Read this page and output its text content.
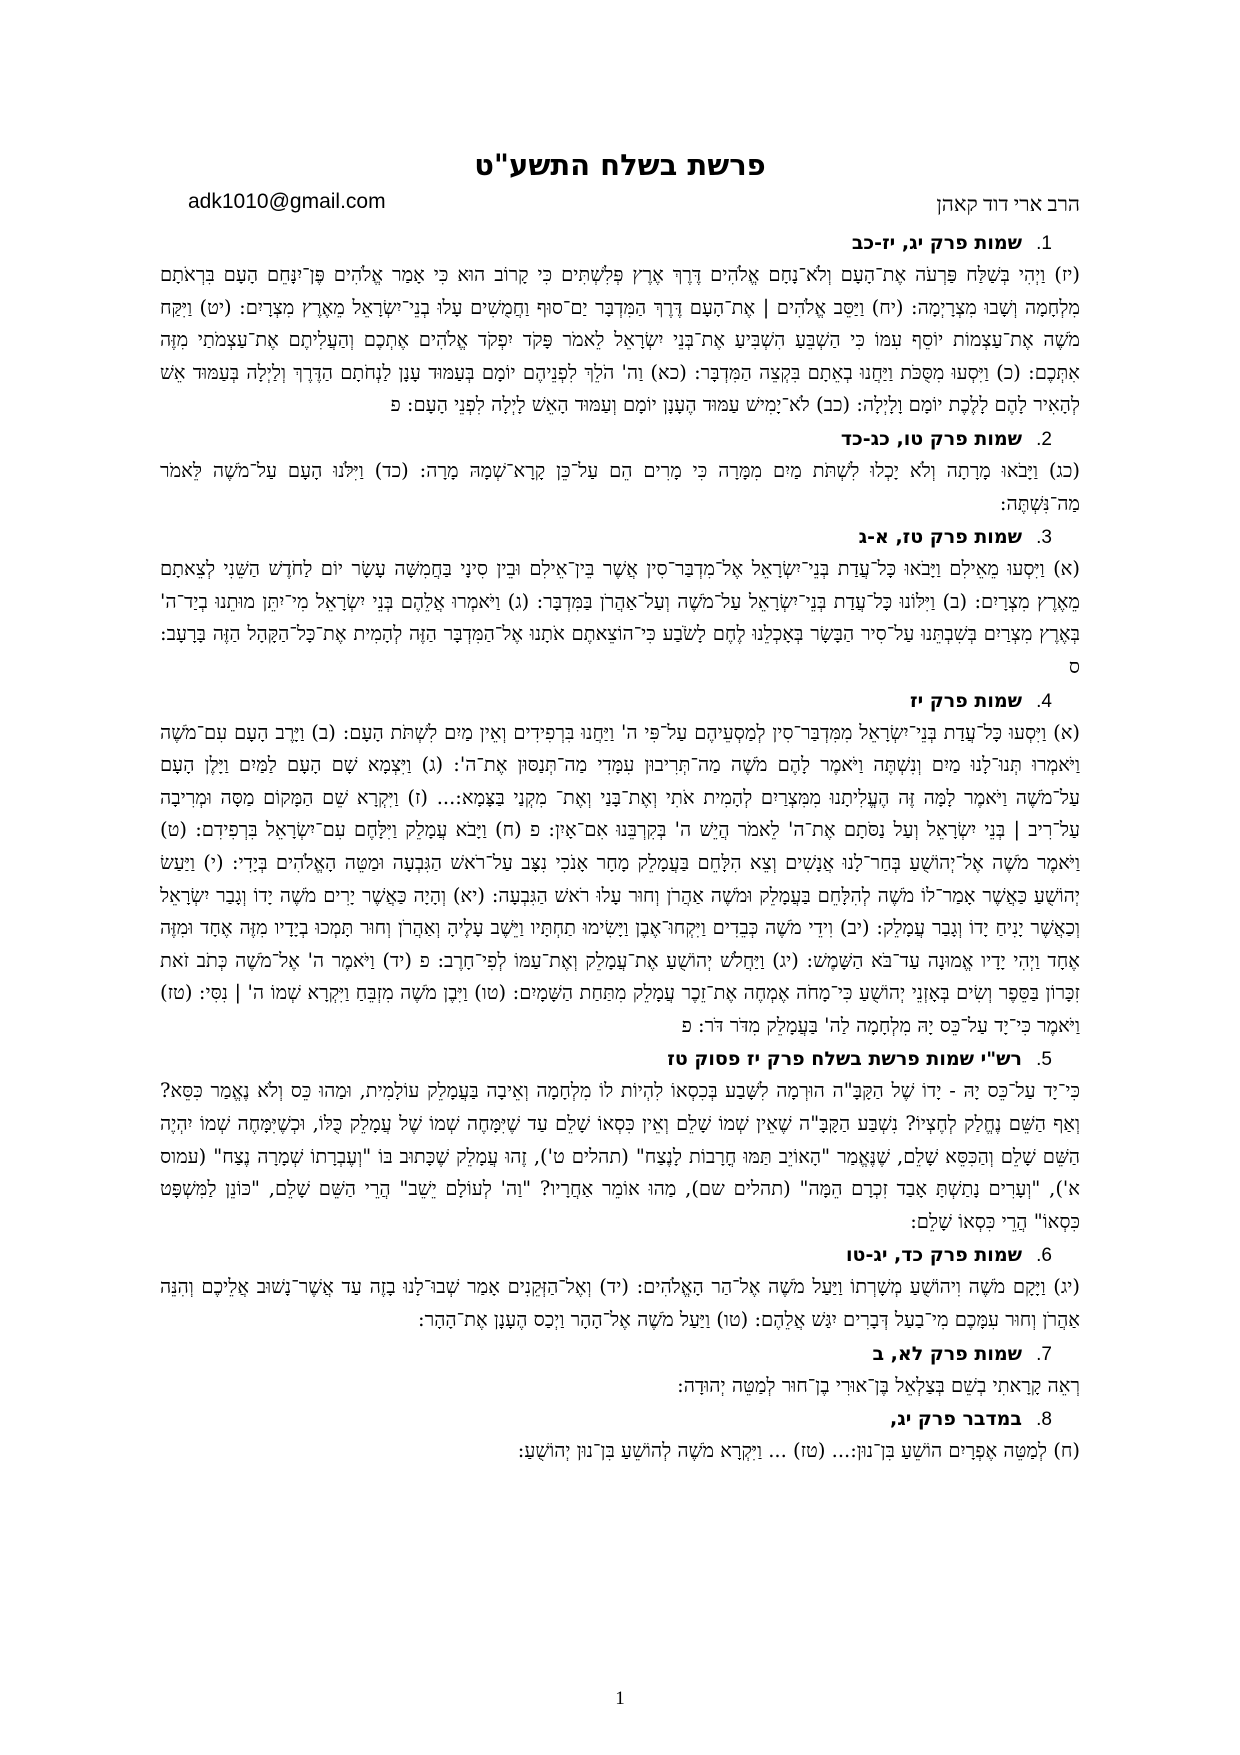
פרשת בשלח התשע"ט
הרב ארי דוד קאהן
adk1010@gmail.com
1.שמות פרק יג, יז-כב

(יז) וַיְהִי בְּשַׁלַּח פַּרְעֹה אֶת־הָעָם וְלֹא־נָחָם אֱלֹהִים דֶּרֶךְ אֶרֶץ פְּלִשְׁתִּים כִּי קָרוֹב הוּא כִּי אָמַר אֱלֹהִים פֶּן־יִנָּחֵם הָעָם בִּרְאֹתָם מִלְחָמָה וְשָׁבוּ מִצְרָיְמָה: (יח) וַיַּסֵּב אֱלֹהִים | אֶת־הָעָם דֶּרֶךְ הַמִּדְבָּר יַם־סוּף וַחֲמֻשִׁים עָלוּ בְנֵי־יִשְׂרָאֵל מֵאֶרֶץ מִצְרָיִם: (יט) וַיִּקַּח מֹשֶׁה אֶת־עַצְמוֹת יוֹסֵף עִמּוֹ כִּי הַשְׁבֵּעַ הִשְׁבִּיעַ אֶת־בְּנֵי יִשְׂרָאֵל לֵאמֹר פָּקֹד יִפְקֹד אֱלֹהִים אֶתְכֶם וְהַעֲלִיתֶם אֶת־עַצְמֹתַי מִזֶּה אִתְּכֶם: (כ) וַיִּסְעוּ מִסֻּכֹּת וַיַּחֲנוּ בְאֵתָם בִּקְצֵה הַמִּדְבָּר: (כא) וַה' הֹלֵךְ לִפְנֵיהֶם יוֹמָם בְּעַמּוּד עָנָן לַנְחֹתָם הַדֶּרֶךְ וְלַיְלָה בְּעַמּוּד אֵשׁ לְהָאִיר לָהֶם לָלֶכֶת יוֹמָם וָלָיְלָה: (כב) לֹא־יָמִישׁ עַמּוּד הֶעָנָן יוֹמָם וְעַמּוּד הָאֵשׁ לָיְלָה לִפְנֵי הָעָם: פ

2.שמות פרק טו, כג-כד

(כג) וַיָּבֹאוּ מָרָתָה וְלֹא יָכְלוּ לִשְׁתֹּת מַיִם מִמָּרָה כִּי מָרִים הֵם עַל־כֵּן קָרָא־שְׁמָהּ מָרָה: (כד) וַיִּלֹּנוּ הָעָם עַל־מֹשֶׁה לֵּאמֹר מַה־נִּשְׁתֶּה:

3.שמות פרק טז, א-ג

(א) וַיִּסְעוּ מֵאֵילִם וַיָּבֹאוּ כָּל־עֲדַת בְּנֵי־יִשְׂרָאֵל אֶל־מִדְבַּר־סִין אֲשֶׁר בֵּין־אֵילִם וּבֵין סִינָי בַּחֲמִשָּׁה עָשָׂר יוֹם לַחֹדֶשׁ הַשֵּׁנִי לְצֵאתָם מֵאֶרֶץ מִצְרָיִם: (ב) וַיִּלּוֹנוּ כָּל־עֲדַת בְּנֵי־יִשְׂרָאֵל עַל־מֹשֶׁה וְעַל־אַהֲרֹן בַּמִּדְבָּר: (ג) וַיֹּאמְרוּ אֲלֵהֶם בְּנֵי יִשְׂרָאֵל מִי־יִתֵּן מוּתֵנוּ בְיַד־ה' בְּאֶרֶץ מִצְרַיִם בְּשִׁבְתֵּנוּ עַל־סִיר הַבָּשָׂר בְּאָכְלֵנוּ לֶחֶם לָשֹׂבַע כִּי־הוֹצֵאתֶם אֹתָנוּ אֶל־הַמִּדְבָּר הַזֶּה לְהָמִית אֶת־כָּל־הַקָּהָל הַזֶּה בָּרָעָב: ס

4.שמות פרק יז

(א) וַיִּסְעוּ כָּל־עֲדַת בְּנֵי־יִשְׂרָאֵל מִמִּדְבַּר־סִין לְמַסְעֵיהֶם עַל־פִּי ה' וַיַּחֲנוּ בִּרְפִידִים וְאֵין מַיִם לִשְׁתֹּת הָעָם: (ב) וַיָּרֶב הָעָם עִם־מֹשֶׁה וַיֹּאמְרוּ תְּנוּ־לָנוּ מַיִם וְנִשְׁתֶּה וַיֹּאמֶר לָהֶם מֹשֶׁה מַה־תְּרִיבוּן עִמָּדִי מַה־תְּנַסּוּן אֶת־ה': (ג) וַיִּצְמָא שָׁם הָעָם לַמַּיִם וַיָּלֶן הָעָם עַל־מֹשֶׁה וַיֹּאמֶר לָמָּה זֶּה הֶעֱלִיתָנוּ מִמִּצְרַיִם לְהָמִית אֹתִי וְאֶת־בָּנַי וְאֶת־ מִקְנַי בַּצָּמָא:... (ז) וַיִּקְרָא שֵׁם הַמָּקוֹם מַסָּה וּמְרִיבָה עַל־רִיב | בְּנֵי יִשְׂרָאֵל וְעַל נַסֹּתָם אֶת־ה' לֵאמֹר הֲיֵשׁ ה' בְּקִרְבֵּנוּ אִם־אָיִן: פ (ח) וַיָּבֹא עֲמָלֵק וַיִּלָּחֶם עִם־יִשְׂרָאֵל בִּרְפִידִם: (ט) וַיֹּאמֶר מֹשֶׁה אֶל־יְהוֹשֻׁעַ בְּחַר־לָנוּ אֲנָשִׁים וְצֵא הִלָּחֵם בַּעֲמָלֵק מָחָר אָנֹכִי נִצָּב עַל־רֹאשׁ הַגִּבְעָה וּמַטֵּה הָאֱלֹהִים בְּיָדִי: (י) וַיַּעַשׂ יְהוֹשֻׁעַ כַּאֲשֶׁר אָמַר־לוֹ מֹשֶׁה לְהִלָּחֵם בַּעֲמָלֵק וּמֹשֶׁה אַהֲרֹן וְחוּר עָלוּ רֹאשׁ הַגִּבְעָה: (יא) וְהָיָה כַּאֲשֶׁר יָרִים מֹשֶׁה יָדוֹ וְגָבַר יִשְׂרָאֵל וְכַאֲשֶׁר יָנִיחַ יָדוֹ וְגָבַר עֲמָלֵק: (יב) וִידֵי מֹשֶׁה כְּבֵדִים וַיִּקְחוּ־אֶבֶן וַיָּשִׂימוּ תַחְתָּיו וַיֵּשֶׁב עָלֶיהָ וְאַהֲרֹן וְחוּר תָּמְכוּ בְיָדָיו מִזֶּה אֶחָד וּמִזֶּה אֶחָד וַיְהִי יָדָיו אֱמוּנָה עַד־בֹּא הַשָּׁמֶשׁ: (יג) וַיַּחֲלֹשׁ יְהוֹשֻׁעַ אֶת־עֲמָלֵק וְאֶת־עַמּוֹ לְפִי־חָרֶב: פ (יד) וַיֹּאמֶר ה' אֶל־מֹשֶׁה כְּתֹב זֹאת זִכָּרוֹן בַּסֵּפֶר וְשִׂים בְּאָזְנֵי יְהוֹשֻׁעַ כִּי־מָחֹה אֶמְחֶה אֶת־זֵכֶר עֲמָלֵק מִתַּחַת הַשָּׁמָיִם: (טו) וַיִּבֶן מֹשֶׁה מִזְבֵּחַ וַיִּקְרָא שְׁמוֹ ה' | נִסִּי: (טז) וַיֹּאמֶר כִּי־יָד עַל־כֵּס יָהּ מִלְחָמָה לַה' בַּעֲמָלֵק מִדֹּר דֹּר: פ

5.רש"י שמות פרשת בשלח פרק יז פסוק טז

כִּי־יָד עַל־כֵּס יָהּ - יָדוֹ שֶׁל הַקָּבָּ"ה הוּרְמָה לִשָּׁבַע בְּכִסְאוֹ לִהְיוֹת לוֹ מִלְחָמָה וְאֵיבָה בַּעֲמָלֵק עוֹלָמִית, וּמַהוּ כֵּס וְלֹא נֶאֱמַר כִּסֵּא? וְאַף הַשֵּׁם נֶחֱלַק לְחֶצְיוֹ? נִשְׁבַּע הַקָּבָּ"ה שֶׁאֵין שְׁמוֹ שָׁלֵם וְאֵין כִּסְאוֹ שָׁלֵם עַד שֶׁיִּמָּחֶה שְׁמוֹ שֶׁל עֲמָלֵק כֻּלּוֹ, וּכְשֶׁיִּמָּחֶה שְׁמוֹ יִהְיֶה הַשֵּׁם שָׁלֵם וְהַכִּסֵּא שָׁלֵם, שֶׁנֶּאֱמַר "הָאוֹיֵב תַּמּוּ חֳרָבוֹת לָנֶצַח" (תהלים ט'), זֶהוּ עֲמָלֵק שֶׁכָּתוּב בּוֹ "וְעֶבְרָתוֹ שְׁמָרָה נֶצַח" (עמוס א'), "וְעָרִים נָתַשְׁתָּ אָבַד זִכְרָם הֵמָּה" (תהלים שם), מַהוּ אוֹמֵר אַחֲרָיו? "וַה' לְעוֹלָם יֵשֵׁב" הֲרֵי הַשֵּׁם שָׁלֵם, "כּוֹנֵן לַמִּשְׁפָּט כִּסְאוֹ" הֲרֵי כִּסְאוֹ שָׁלֵם:

6.שמות פרק כד, יג-טו

(יג) וַיָּקָם מֹשֶׁה וִיהוֹשֻׁעַ מְשָׁרְתוֹ וַיַּעַל מֹשֶׁה אֶל־הַר הָאֱלֹהִים: (יד) וְאֶל־הַזְּקֵנִים אָמַר שְׁבוּ־לָנוּ בָזֶה עַד אֲשֶׁר־נָשׁוּב אֲלֵיכֶם וְהִנֵּה אַהֲרֹן וְחוּר עִמָּכֶם מִי־בַעַל דְּבָרִים יִגַּשׁ אֲלֵהֶם: (טו) וַיַּעַל מֹשֶׁה אֶל־הָהָר וַיְכַס הֶעָנָן אֶת־הָהָר:

7.שמות פרק לא, ב

רְאֵה קָרָאתִי בְשֵׁם בְּצַלְאֵל בֶּן־אוּרִי בֶן־חוּר לְמַטֵּה יְהוּדָה:

8.במדבר פרק יג,

(ח) לְמַטֵּה אֶפְרָיִם הוֹשֵׁעַ בִּן־נוּן:... (טז) ... וַיִּקְרָא מֹשֶׁה לְהוֹשֵׁעַ בִּן־נוּן יְהוֹשֻׁעַ:

1
